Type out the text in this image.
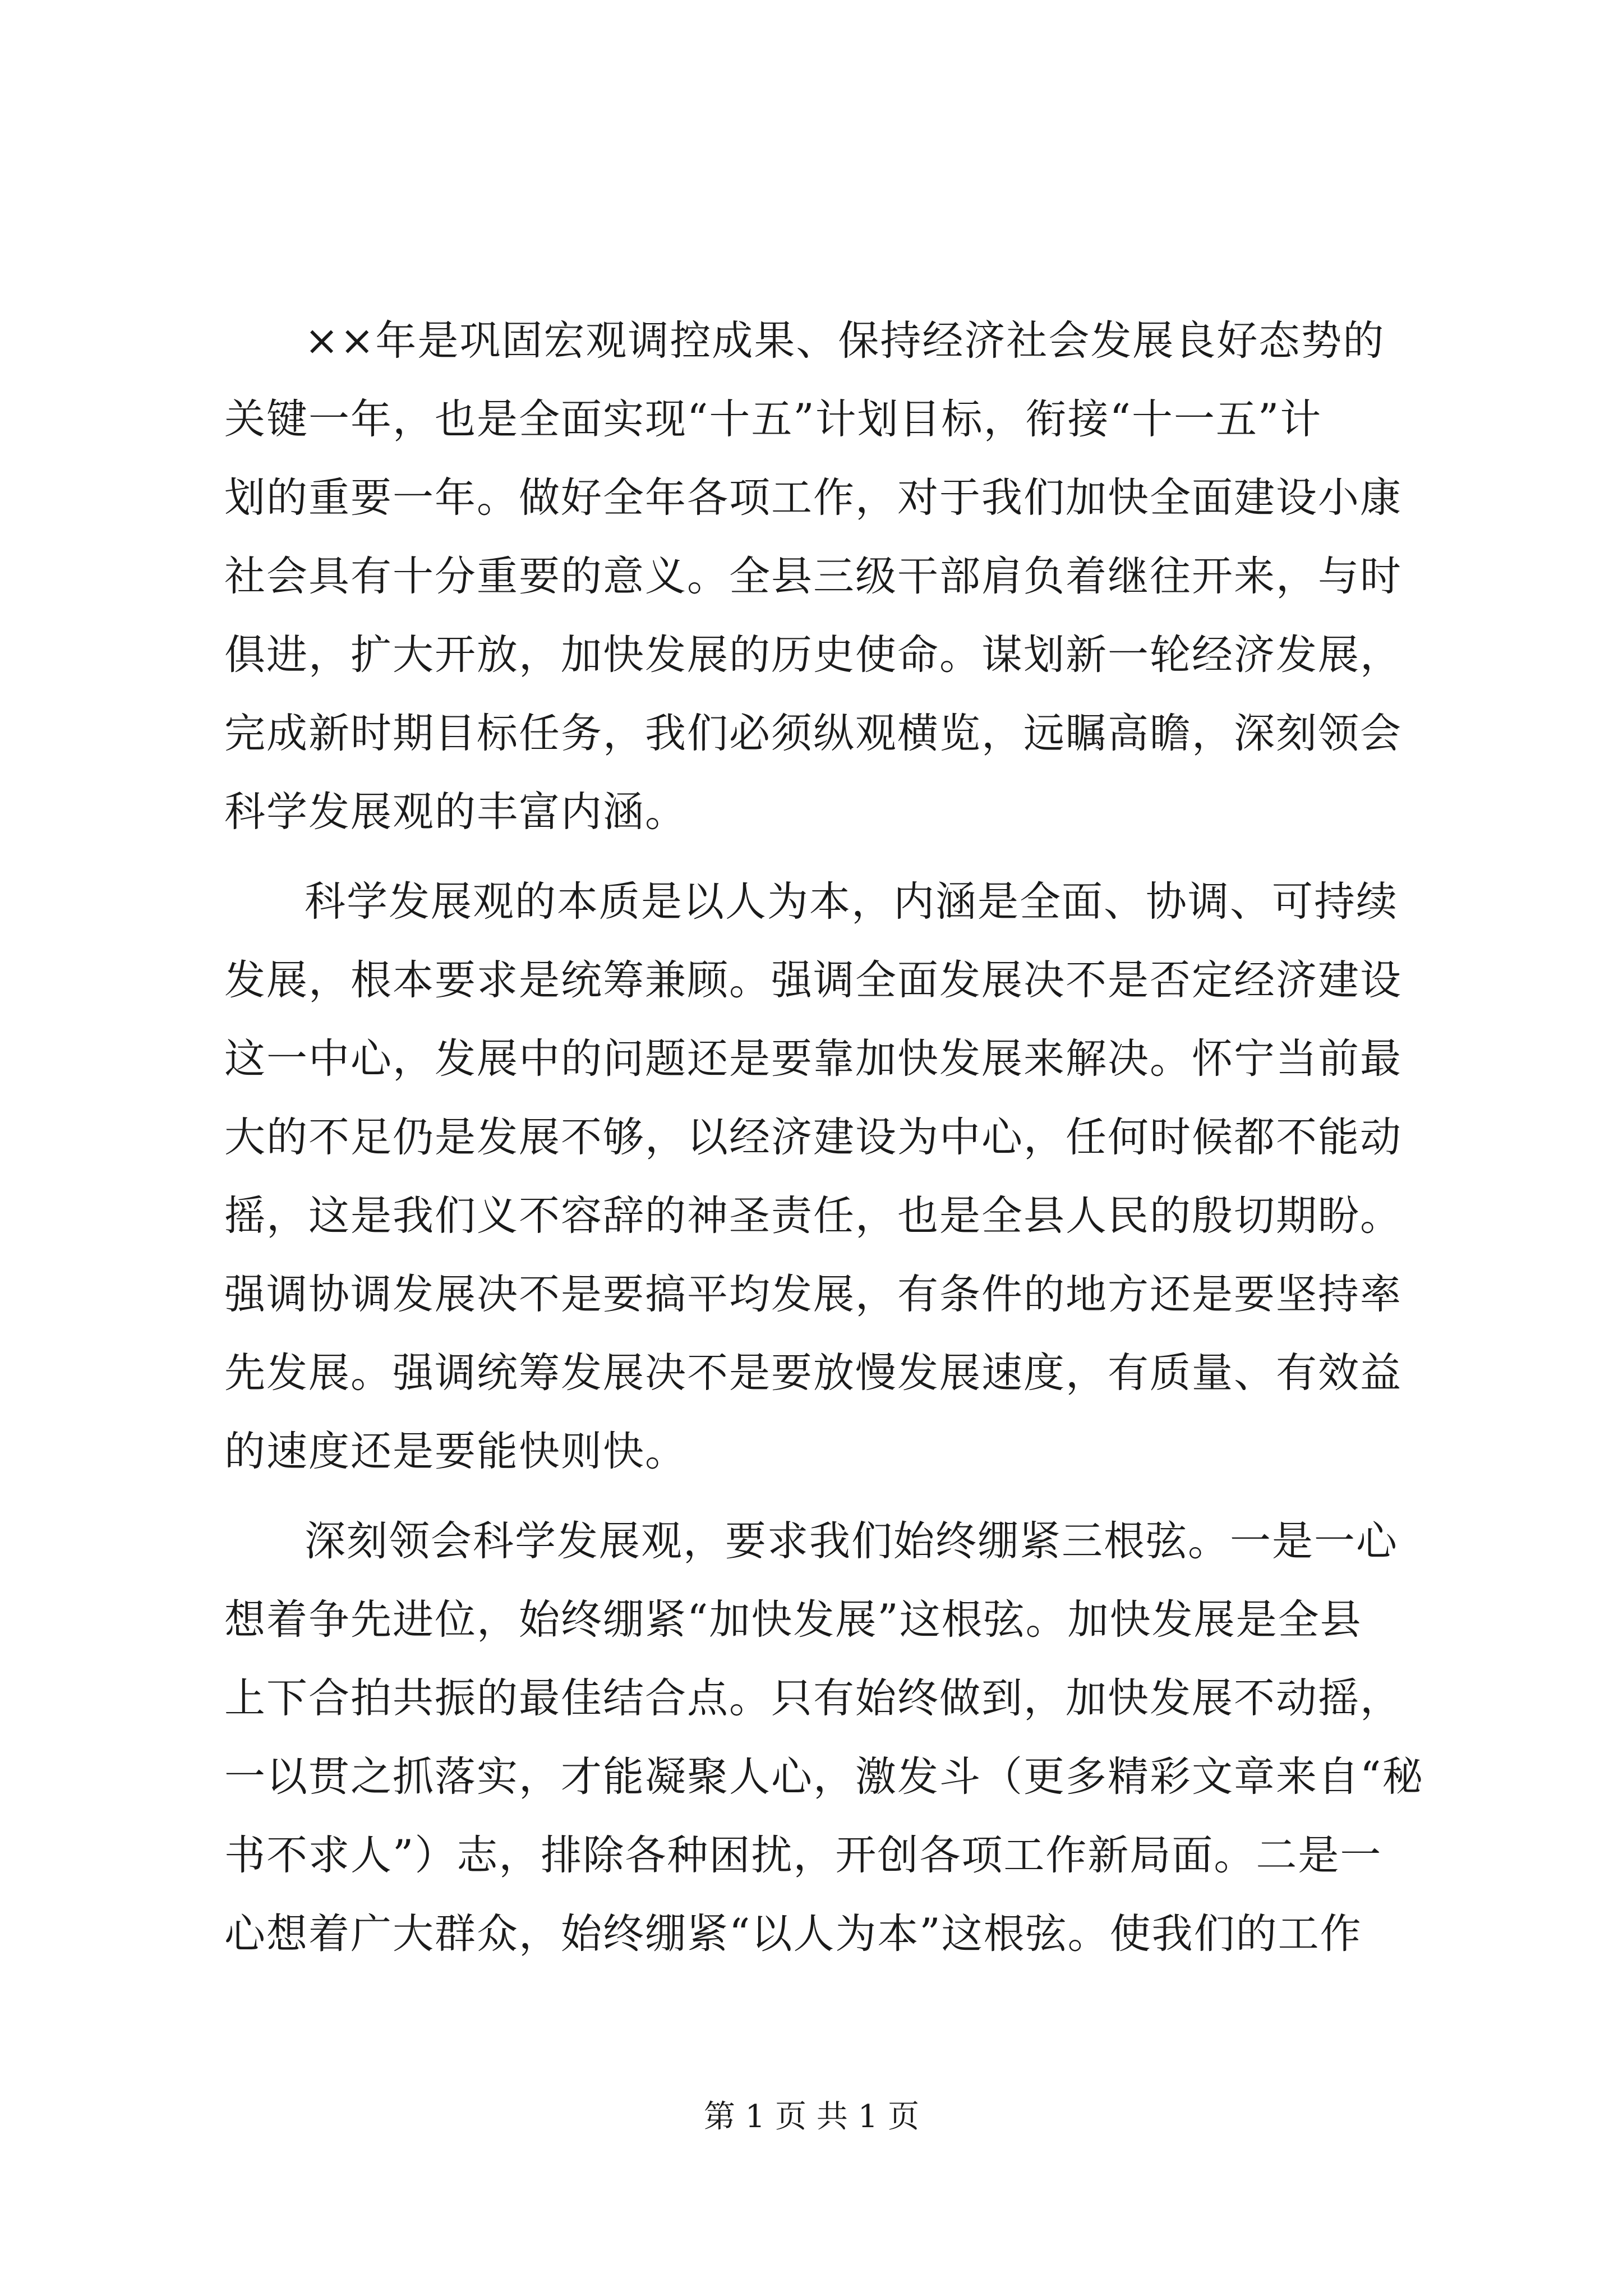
××年是巩固宏观调控成果、保持经济社会发展良好态势的
关键一年，也是全面实现“十五”计划目标，衔接“十一五”计
划的重要一年。做好全年各项工作，对于我们加快全面建设小康
社会具有十分重要的意义。全县三级干部肩负着继往开来，与时
俱进，扩大开放，加快发展的历史使命。谋划新一轮经济发展，
完成新时期目标任务，我们必须纵观横览，远瞩高瞻，深刻领会
科学发展观的丰富内涵。
科学发展观的本质是以人为本，内涵是全面、协调、可持续
发展，根本要求是统筹兼顾。强调全面发展决不是否定经济建设
这一中心，发展中的问题还是要靠加快发展来解决。怀宁当前最
大的不足仍是发展不够，以经济建设为中心，任何时候都不能动
摇，这是我们义不容辞的神圣责任，也是全县人民的殷切期盼。
强调协调发展决不是要搞平均发展，有条件的地方还是要坚持率
先发展。强调统筹发展决不是要放慢发展速度，有质量、有效益
的速度还是要能快则快。
深刻领会科学发展观，要求我们始终绷紧三根弦。一是一心
想着争先进位，始终绷紧“加快发展”这根弦。加快发展是全县
上下合拍共振的最佳结合点。只有始终做到，加快发展不动摇，
一以贯之抓落实，才能凝聚人心，激发斗（更多精彩文章来自“秘
书不求人”）志，排除各种困扰，开创各项工作新局面。二是一
心想着广大群众，始终绷紧“以人为本”这根弦。使我们的工作
第 1 页 共 1 页
